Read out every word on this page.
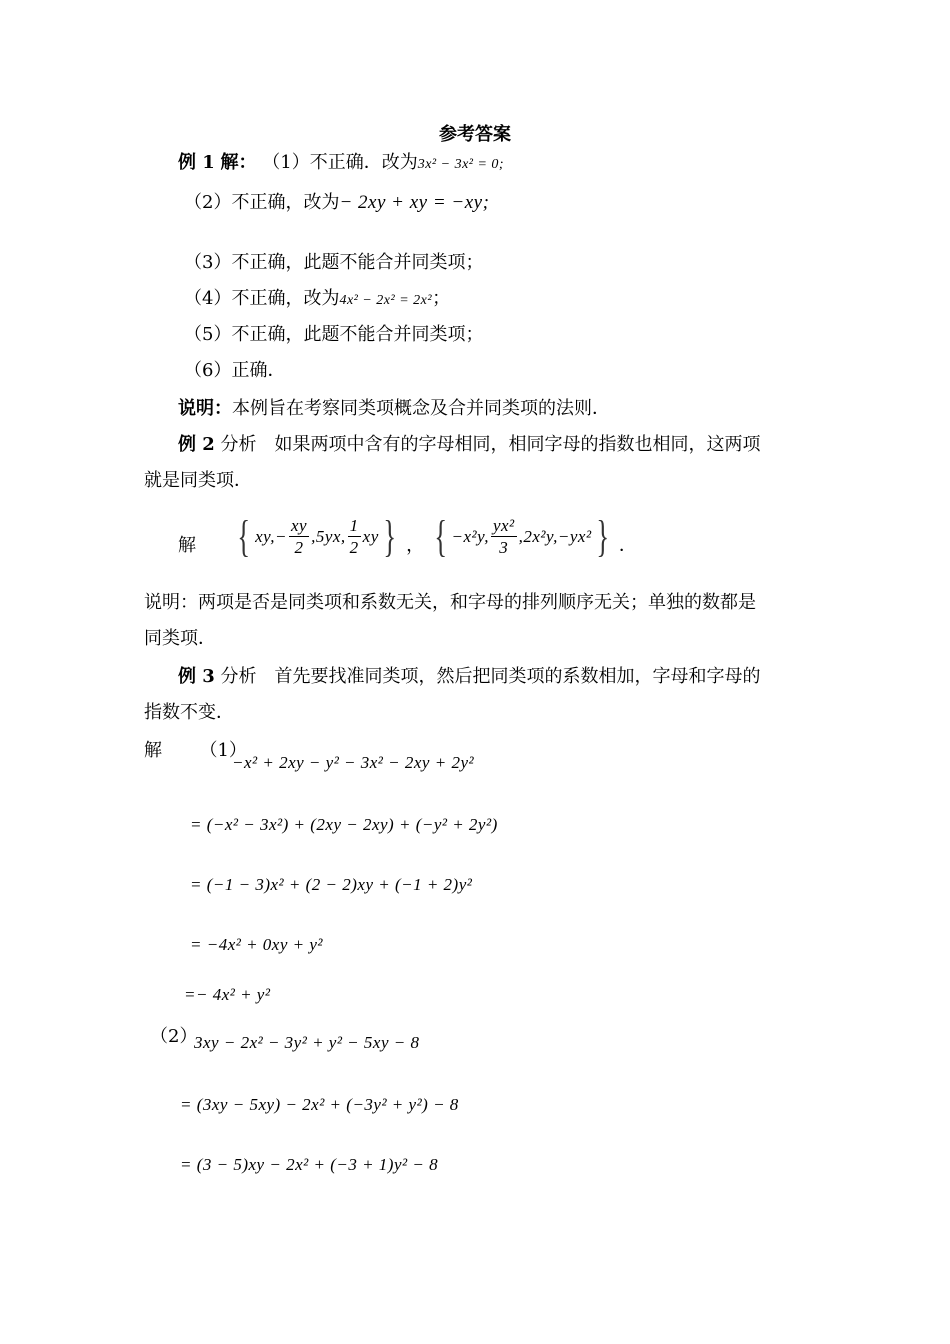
参考答案
例 1 解： （1）不正确．改为3x² − 3x² = 0;
（2）不正确，改为− 2xy + xy = −xy;
（3）不正确，此题不能合并同类项；
（4）不正确，改为4x² − 2x² = 2x²；
（5）不正确，此题不能合并同类项；
（6）正确．
说明：本例旨在考察同类项概念及合并同类项的法则．
例 2 分析　如果两项中含有的字母相同，相同字母的指数也相同，这两项
就是同类项．
解 { $xy,- \frac{xy}{2} ,5yx$, $\frac{1}{2}$ xy } ， { −x²y, $\frac{\text{yx²}}{3} ,2x^2y,-yx^2$ } ．
说明：两项是否是同类项和系数无关，和字母的排列顺序无关；单独的数都是
同类项．
例 3 分析　首先要找准同类项，然后把同类项的系数相加，字母和字母的
指数不变．
解 （1）
−x² + 2xy − y² − 3x² − 2xy + 2y²
= (−x² − 3x²) + (2xy − 2xy) + (−y² + 2y²)
= (−1 − 3)x² + (2 − 2)xy + (−1 + 2)y²
= −4x² + 0xy + y²
=− 4x² + y²
（2）
3xy − 2x² − 3y² + y² − 5xy − 8
= (3xy − 5xy) − 2x² + (−3y² + y²) − 8
= (3 − 5)xy − 2x² + (−3 + 1)y² − 8
